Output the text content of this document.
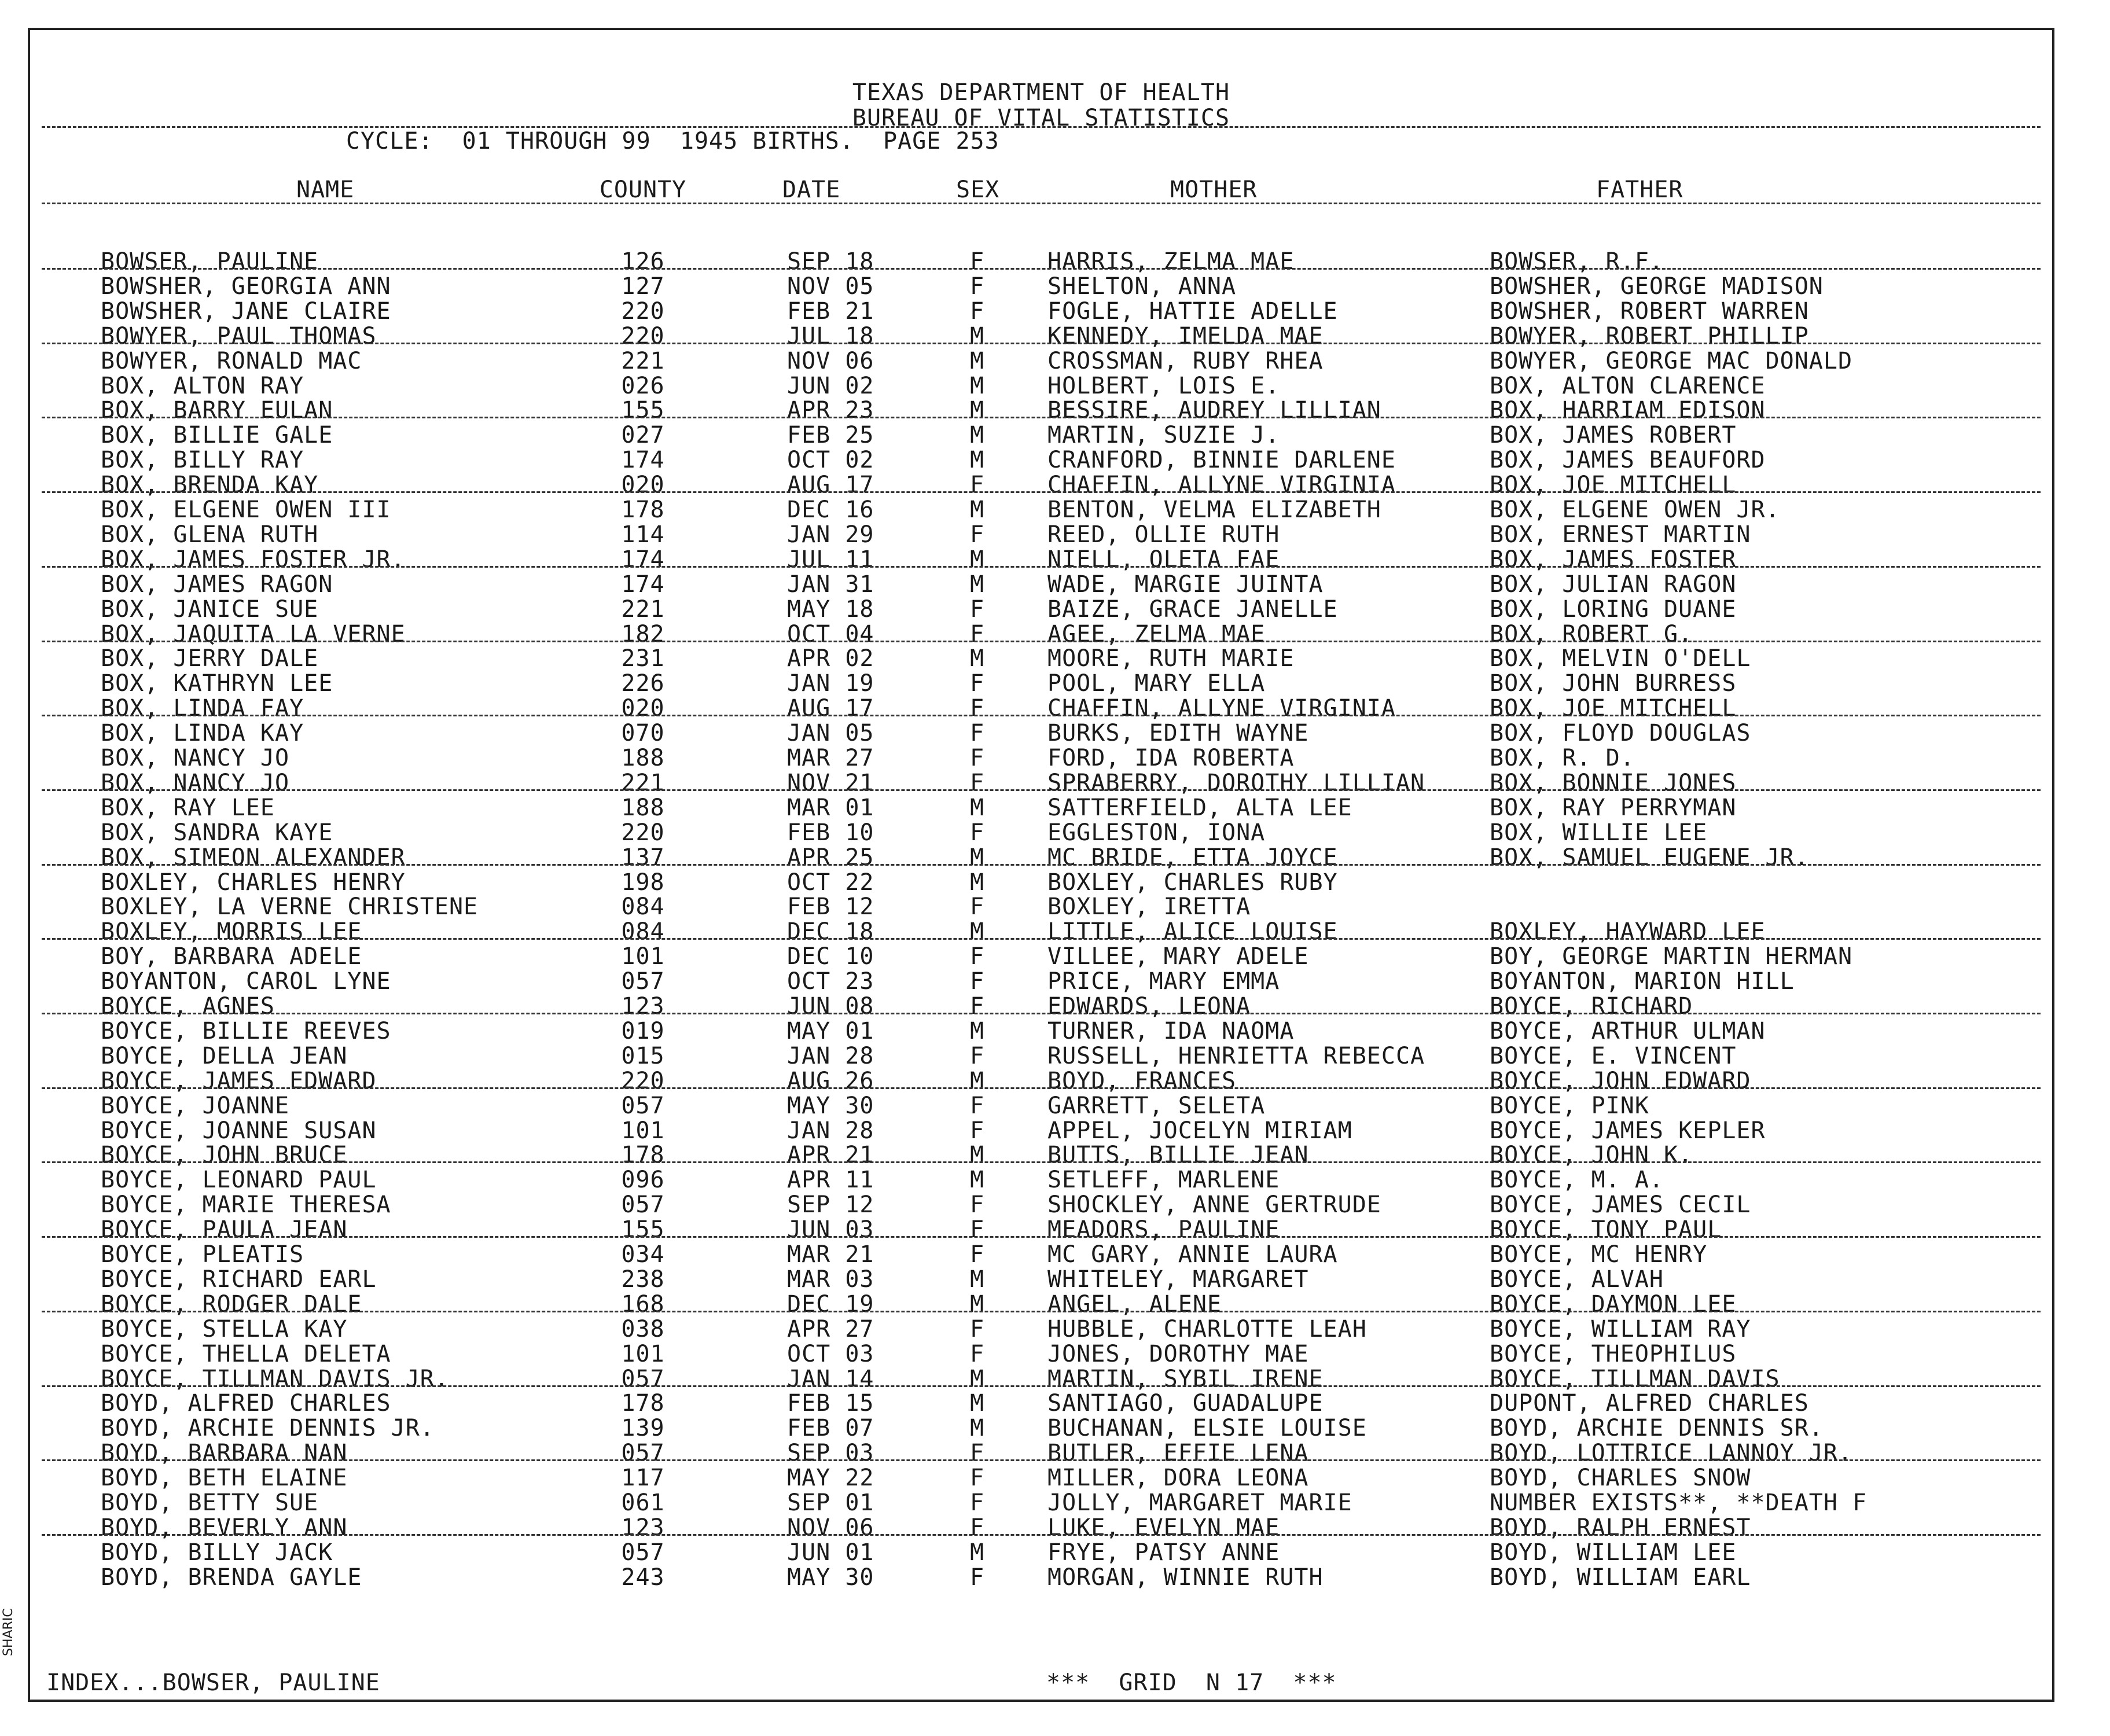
TEXAS DEPARTMENT OF HEALTH
BUREAU OF VITAL STATISTICS
CYCLE:  01 THROUGH 99  1945 BIRTHS.  PAGE 253
NAME	COUNTY	DATE	SEX	MOTHER	FATHER
BOWSER, PAULINE	126	SEP 18	F	HARRIS, ZELMA MAE	BOWSER, R.F.
BOWSHER, GEORGIA ANN	127	NOV 05	F	SHELTON, ANNA	BOWSHER, GEORGE MADISON
BOWSHER, JANE CLAIRE	220	FEB 21	F	FOGLE, HATTIE ADELLE	BOWSHER, ROBERT WARREN
BOWYER, PAUL THOMAS	220	JUL 18	M	KENNEDY, IMELDA MAE	BOWYER, ROBERT PHILLIP
BOWYER, RONALD MAC	221	NOV 06	M	CROSSMAN, RUBY RHEA	BOWYER, GEORGE MAC DONALD
BOX, ALTON RAY	026	JUN 02	M	HOLBERT, LOIS E.	BOX, ALTON CLARENCE
BOX, BARRY EULAN	155	APR 23	M	BESSIRE, AUDREY LILLIAN	BOX, HARRIAM EDISON
BOX, BILLIE GALE	027	FEB 25	M	MARTIN, SUZIE J.	BOX, JAMES ROBERT
BOX, BILLY RAY	174	OCT 02	M	CRANFORD, BINNIE DARLENE	BOX, JAMES BEAUFORD
BOX, BRENDA KAY	020	AUG 17	F	CHAFFIN, ALLYNE VIRGINIA	BOX, JOE MITCHELL
BOX, ELGENE OWEN III	178	DEC 16	M	BENTON, VELMA ELIZABETH	BOX, ELGENE OWEN JR.
BOX, GLENA RUTH	114	JAN 29	F	REED, OLLIE RUTH	BOX, ERNEST MARTIN
BOX, JAMES FOSTER JR.	174	JUL 11	M	NIELL, OLETA FAE	BOX, JAMES FOSTER
BOX, JAMES RAGON	174	JAN 31	M	WADE, MARGIE JUINTA	BOX, JULIAN RAGON
BOX, JANICE SUE	221	MAY 18	F	BAIZE, GRACE JANELLE	BOX, LORING DUANE
BOX, JAQUITA LA VERNE	182	OCT 04	F	AGEE, ZELMA MAE	BOX, ROBERT G.
BOX, JERRY DALE	231	APR 02	M	MOORE, RUTH MARIE	BOX, MELVIN O'DELL
BOX, KATHRYN LEE	226	JAN 19	F	POOL, MARY ELLA	BOX, JOHN BURRESS
BOX, LINDA FAY	020	AUG 17	F	CHAFFIN, ALLYNE VIRGINIA	BOX, JOE MITCHELL
BOX, LINDA KAY	070	JAN 05	F	BURKS, EDITH WAYNE	BOX, FLOYD DOUGLAS
BOX, NANCY JO	188	MAR 27	F	FORD, IDA ROBERTA	BOX, R. D.
BOX, NANCY JO	221	NOV 21	F	SPRABERRY, DOROTHY LILLIAN	BOX, BONNIE JONES
BOX, RAY LEE	188	MAR 01	M	SATTERFIELD, ALTA LEE	BOX, RAY PERRYMAN
BOX, SANDRA KAYE	220	FEB 10	F	EGGLESTON, IONA	BOX, WILLIE LEE
BOX, SIMEON ALEXANDER	137	APR 25	M	MC BRIDE, ETTA JOYCE	BOX, SAMUEL EUGENE JR.
BOXLEY, CHARLES HENRY	198	OCT 22	M	BOXLEY, CHARLES RUBY
BOXLEY, LA VERNE CHRISTENE	084	FEB 12	F	BOXLEY, IRETTA
BOXLEY, MORRIS LEE	084	DEC 18	M	LITTLE, ALICE LOUISE	BOXLEY, HAYWARD LEE
BOY, BARBARA ADELE	101	DEC 10	F	VILLEE, MARY ADELE	BOY, GEORGE MARTIN HERMAN
BOYANTON, CAROL LYNE	057	OCT 23	F	PRICE, MARY EMMA	BOYANTON, MARION HILL
BOYCE, AGNES	123	JUN 08	F	EDWARDS, LEONA	BOYCE, RICHARD
BOYCE, BILLIE REEVES	019	MAY 01	M	TURNER, IDA NAOMA	BOYCE, ARTHUR ULMAN
BOYCE, DELLA JEAN	015	JAN 28	F	RUSSELL, HENRIETTA REBECCA	BOYCE, E. VINCENT
BOYCE, JAMES EDWARD	220	AUG 26	M	BOYD, FRANCES	BOYCE, JOHN EDWARD
BOYCE, JOANNE	057	MAY 30	F	GARRETT, SELETA	BOYCE, PINK
BOYCE, JOANNE SUSAN	101	JAN 28	F	APPEL, JOCELYN MIRIAM	BOYCE, JAMES KEPLER
BOYCE, JOHN BRUCE	178	APR 21	M	BUTTS, BILLIE JEAN	BOYCE, JOHN K.
BOYCE, LEONARD PAUL	096	APR 11	M	SETLEFF, MARLENE	BOYCE, M. A.
BOYCE, MARIE THERESA	057	SEP 12	F	SHOCKLEY, ANNE GERTRUDE	BOYCE, JAMES CECIL
BOYCE, PAULA JEAN	155	JUN 03	F	MEADORS, PAULINE	BOYCE, TONY PAUL
BOYCE, PLEATIS	034	MAR 21	F	MC GARY, ANNIE LAURA	BOYCE, MC HENRY
BOYCE, RICHARD EARL	238	MAR 03	M	WHITELEY, MARGARET	BOYCE, ALVAH
BOYCE, RODGER DALE	168	DEC 19	M	ANGEL, ALENE	BOYCE, DAYMON LEE
BOYCE, STELLA KAY	038	APR 27	F	HUBBLE, CHARLOTTE LEAH	BOYCE, WILLIAM RAY
BOYCE, THELLA DELETA	101	OCT 03	F	JONES, DOROTHY MAE	BOYCE, THEOPHILUS
BOYCE, TILLMAN DAVIS JR.	057	JAN 14	M	MARTIN, SYBIL IRENE	BOYCE, TILLMAN DAVIS
BOYD, ALFRED CHARLES	178	FEB 15	M	SANTIAGO, GUADALUPE	DUPONT, ALFRED CHARLES
BOYD, ARCHIE DENNIS JR.	139	FEB 07	M	BUCHANAN, ELSIE LOUISE	BOYD, ARCHIE DENNIS SR.
BOYD, BARBARA NAN	057	SEP 03	F	BUTLER, EFFIE LENA	BOYD, LOTTRICE LANNOY JR.
BOYD, BETH ELAINE	117	MAY 22	F	MILLER, DORA LEONA	BOYD, CHARLES SNOW
BOYD, BETTY SUE	061	SEP 01	F	JOLLY, MARGARET MARIE	NUMBER EXISTS**, **DEATH F
BOYD, BEVERLY ANN	123	NOV 06	F	LUKE, EVELYN MAE	BOYD, RALPH ERNEST
BOYD, BILLY JACK	057	JUN 01	M	FRYE, PATSY ANNE	BOYD, WILLIAM LEE
BOYD, BRENDA GAYLE	243	MAY 30	F	MORGAN, WINNIE RUTH	BOYD, WILLIAM EARL
INDEX...BOWSER, PAULINE	***  GRID  N 17  ***
SHARIC
